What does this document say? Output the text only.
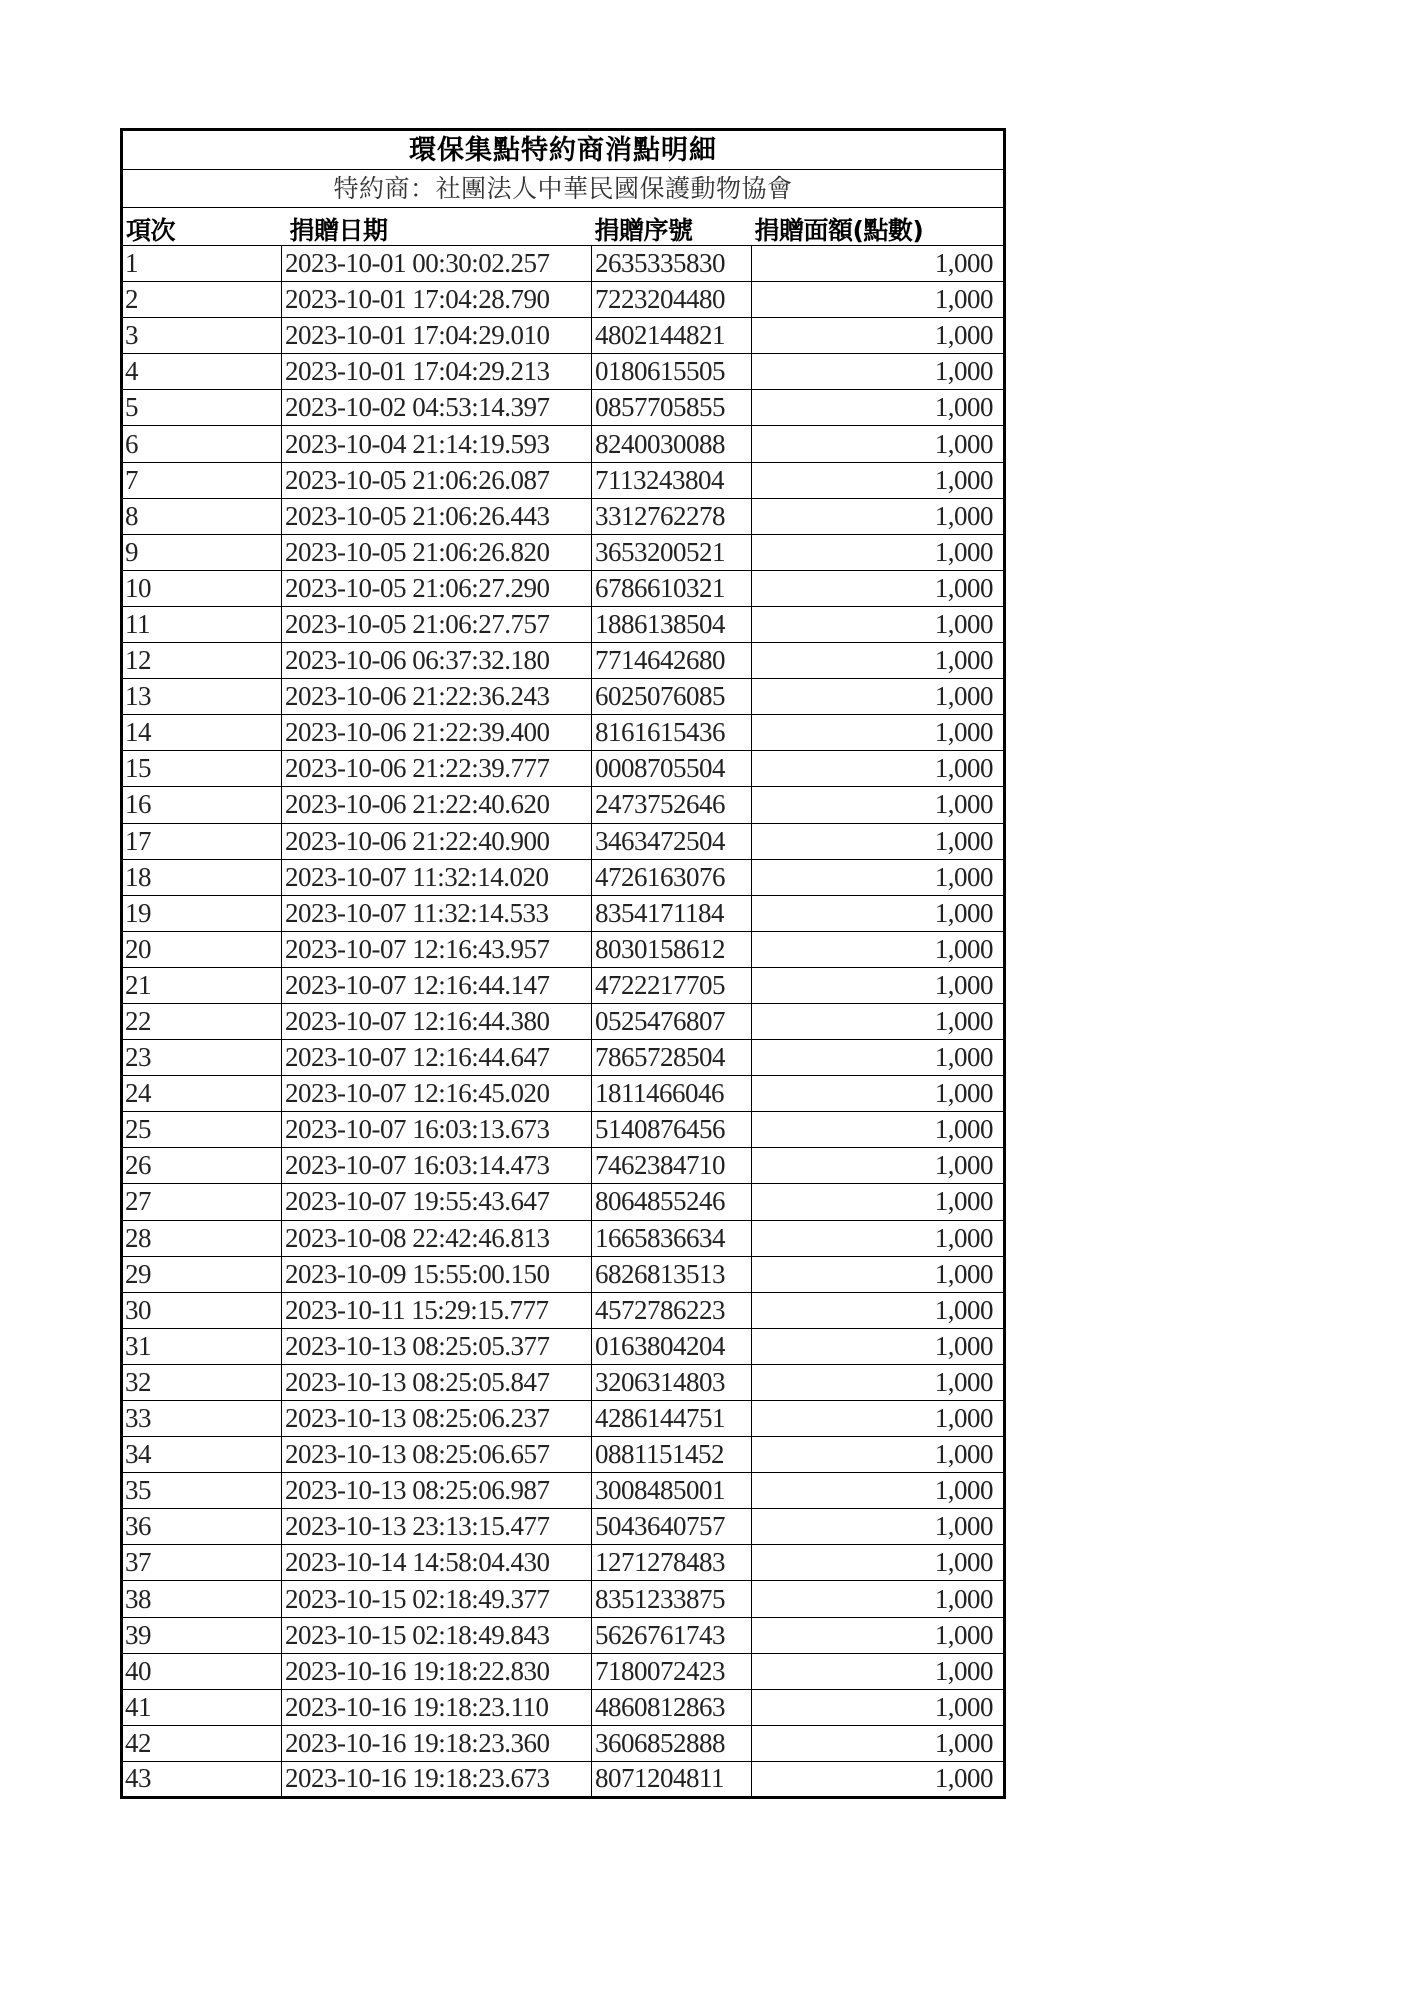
環保集點特約商消點明細			
特約商：社團法人中華民國保護動物協會			
項次	捐贈日期	捐贈序號	捐贈面額(點數)
1	2023-10-01 00:30:02.257	2635335830	1,000
2	2023-10-01 17:04:28.790	7223204480	1,000
3	2023-10-01 17:04:29.010	4802144821	1,000
4	2023-10-01 17:04:29.213	0180615505	1,000
5	2023-10-02 04:53:14.397	0857705855	1,000
6	2023-10-04 21:14:19.593	8240030088	1,000
7	2023-10-05 21:06:26.087	7113243804	1,000
8	2023-10-05 21:06:26.443	3312762278	1,000
9	2023-10-05 21:06:26.820	3653200521	1,000
10	2023-10-05 21:06:27.290	6786610321	1,000
11	2023-10-05 21:06:27.757	1886138504	1,000
12	2023-10-06 06:37:32.180	7714642680	1,000
13	2023-10-06 21:22:36.243	6025076085	1,000
14	2023-10-06 21:22:39.400	8161615436	1,000
15	2023-10-06 21:22:39.777	0008705504	1,000
16	2023-10-06 21:22:40.620	2473752646	1,000
17	2023-10-06 21:22:40.900	3463472504	1,000
18	2023-10-07 11:32:14.020	4726163076	1,000
19	2023-10-07 11:32:14.533	8354171184	1,000
20	2023-10-07 12:16:43.957	8030158612	1,000
21	2023-10-07 12:16:44.147	4722217705	1,000
22	2023-10-07 12:16:44.380	0525476807	1,000
23	2023-10-07 12:16:44.647	7865728504	1,000
24	2023-10-07 12:16:45.020	1811466046	1,000
25	2023-10-07 16:03:13.673	5140876456	1,000
26	2023-10-07 16:03:14.473	7462384710	1,000
27	2023-10-07 19:55:43.647	8064855246	1,000
28	2023-10-08 22:42:46.813	1665836634	1,000
29	2023-10-09 15:55:00.150	6826813513	1,000
30	2023-10-11 15:29:15.777	4572786223	1,000
31	2023-10-13 08:25:05.377	0163804204	1,000
32	2023-10-13 08:25:05.847	3206314803	1,000
33	2023-10-13 08:25:06.237	4286144751	1,000
34	2023-10-13 08:25:06.657	0881151452	1,000
35	2023-10-13 08:25:06.987	3008485001	1,000
36	2023-10-13 23:13:15.477	5043640757	1,000
37	2023-10-14 14:58:04.430	1271278483	1,000
38	2023-10-15 02:18:49.377	8351233875	1,000
39	2023-10-15 02:18:49.843	5626761743	1,000
40	2023-10-16 19:18:22.830	7180072423	1,000
41	2023-10-16 19:18:23.110	4860812863	1,000
42	2023-10-16 19:18:23.360	3606852888	1,000
43	2023-10-16 19:18:23.673	8071204811	1,000
